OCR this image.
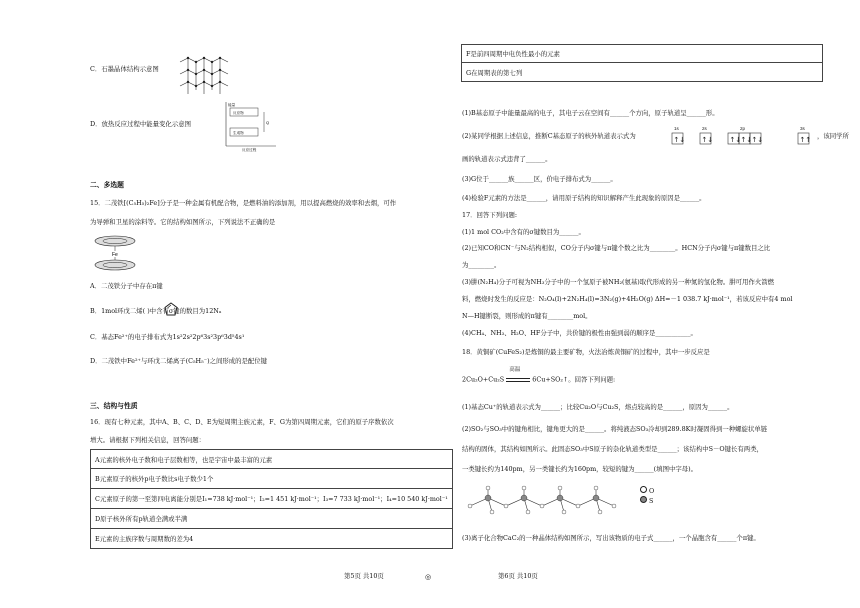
C．石墨晶体结构示意图
D．放热反应过程中能量变化示意图
能量
反应物
生成物
反应过程
Q
二、多选题
15．二茂铁[(C₅H₅)₂Fe]分子是一种金属有机配合物，是燃料油的添加剂，用以提高燃烧的效率和去烟，可作
为导弹和卫星的涂料等。它的结构如图所示，下列说法不正确的是
Fe
A．二茂铁分子中存在π键
B．1mol环戊二烯( )中含有σ键的数目为12Nₐ
C．基态Fe²⁺的电子排布式为1s²2s²2p⁶3s²3p⁶3d⁵4s¹
D．二茂铁中Fe²⁺与环戊二烯离子(C₅H₅⁻)之间形成的是配位键
三、结构与性质
16．现有七种元素，其中A、B、C、D、E为短周期主族元素，F、G为第四周期元素，它们的原子序数依次
增大。请根据下列相关信息，回答问题：
A元素的核外电子数和电子层数相等，也是宇宙中最丰富的元素
B元素原子的核外p电子数比s电子数少1个
C元素原子的第一至第四电离能分别是I₁=738 kJ·mol⁻¹；I₂=1 451 kJ·mol⁻¹；I₃=7 733 kJ·mol⁻¹；I₄=10 540 kJ·mol⁻¹
D原子核外所有p轨道全满或半满
E元素的主族序数与周期数的差为4
第5页 共10页	◎
F是前四周期中电负性最小的元素
G在周期表的第七列
(1)B基态原子中能量最高的电子，其电子云在空间有______个方向，原子轨道呈______形。
(2)某同学根据上述信息，推断C基态原子的核外轨道表示式为
1s	2s	2p	3s
↑↓ ↑↓ ↑↓ ↑↓ ↑↓	↑↑ ，该同学所
画的轨道表示式违背了______。
(3)G位于______族______区，价电子排布式为______。
(4)检验F元素的方法是______，请用原子结构的知识解释产生此现象的原因是______。
17．回答下列问题:
(1)1 mol CO₂中含有的σ键数目为______。
(2)已知CO和CN⁻与N₂结构相似，CO分子内σ键与π键个数之比为________。HCN分子内σ键与π键数目之比
为________。
(3)肼(N₂H₄)分子可视为NH₃分子中的一个氢原子被NH₂(氨基)取代形成的另一种氮的氢化物。肼可用作火箭燃
料，燃烧时发生的反应是：N₂O₄(l)+2N₂H₄(l)=3N₂(g)+4H₂O(g) ΔH=－1 038.7 kJ·mol⁻¹，若该反应中有4 mol
N—H键断裂，则形成的π键有________mol。
(4)CH₄、NH₃、H₂O、HF分子中，共价键的极性由强到弱的顺序是___________。
18．黄铜矿(CuFeS₂)是炼铜的最主要矿物，火法冶炼黄铜矿的过程中，其中一步反应是
2Cu₂O+Cu₂S
高温
6Cu+SO₂↑。回答下列问题:
(1)基态Cu⁺的轨道表示式为______；比较Cu₂O与Cu₂S，熔点较高的是______，原因为______。
(2)SO₂与SO₃中的键角相比，键角更大的是______。将纯液态SO₃冷却到289.8K时凝固得到一种螺旋状单链
结构的固体，其结构如图所示。此固态SO₃中S原子的杂化轨道类型是______；该结构中S－O键长有两类，
一类键长约为140pm，另一类键长约为160pm，较短的键为______(填图中字母)。
O
S
(3)离子化合物CaC₂的一种晶体结构如图所示，写出该物质的电子式______，一个晶胞含有______个π键。
第6页 共10页
